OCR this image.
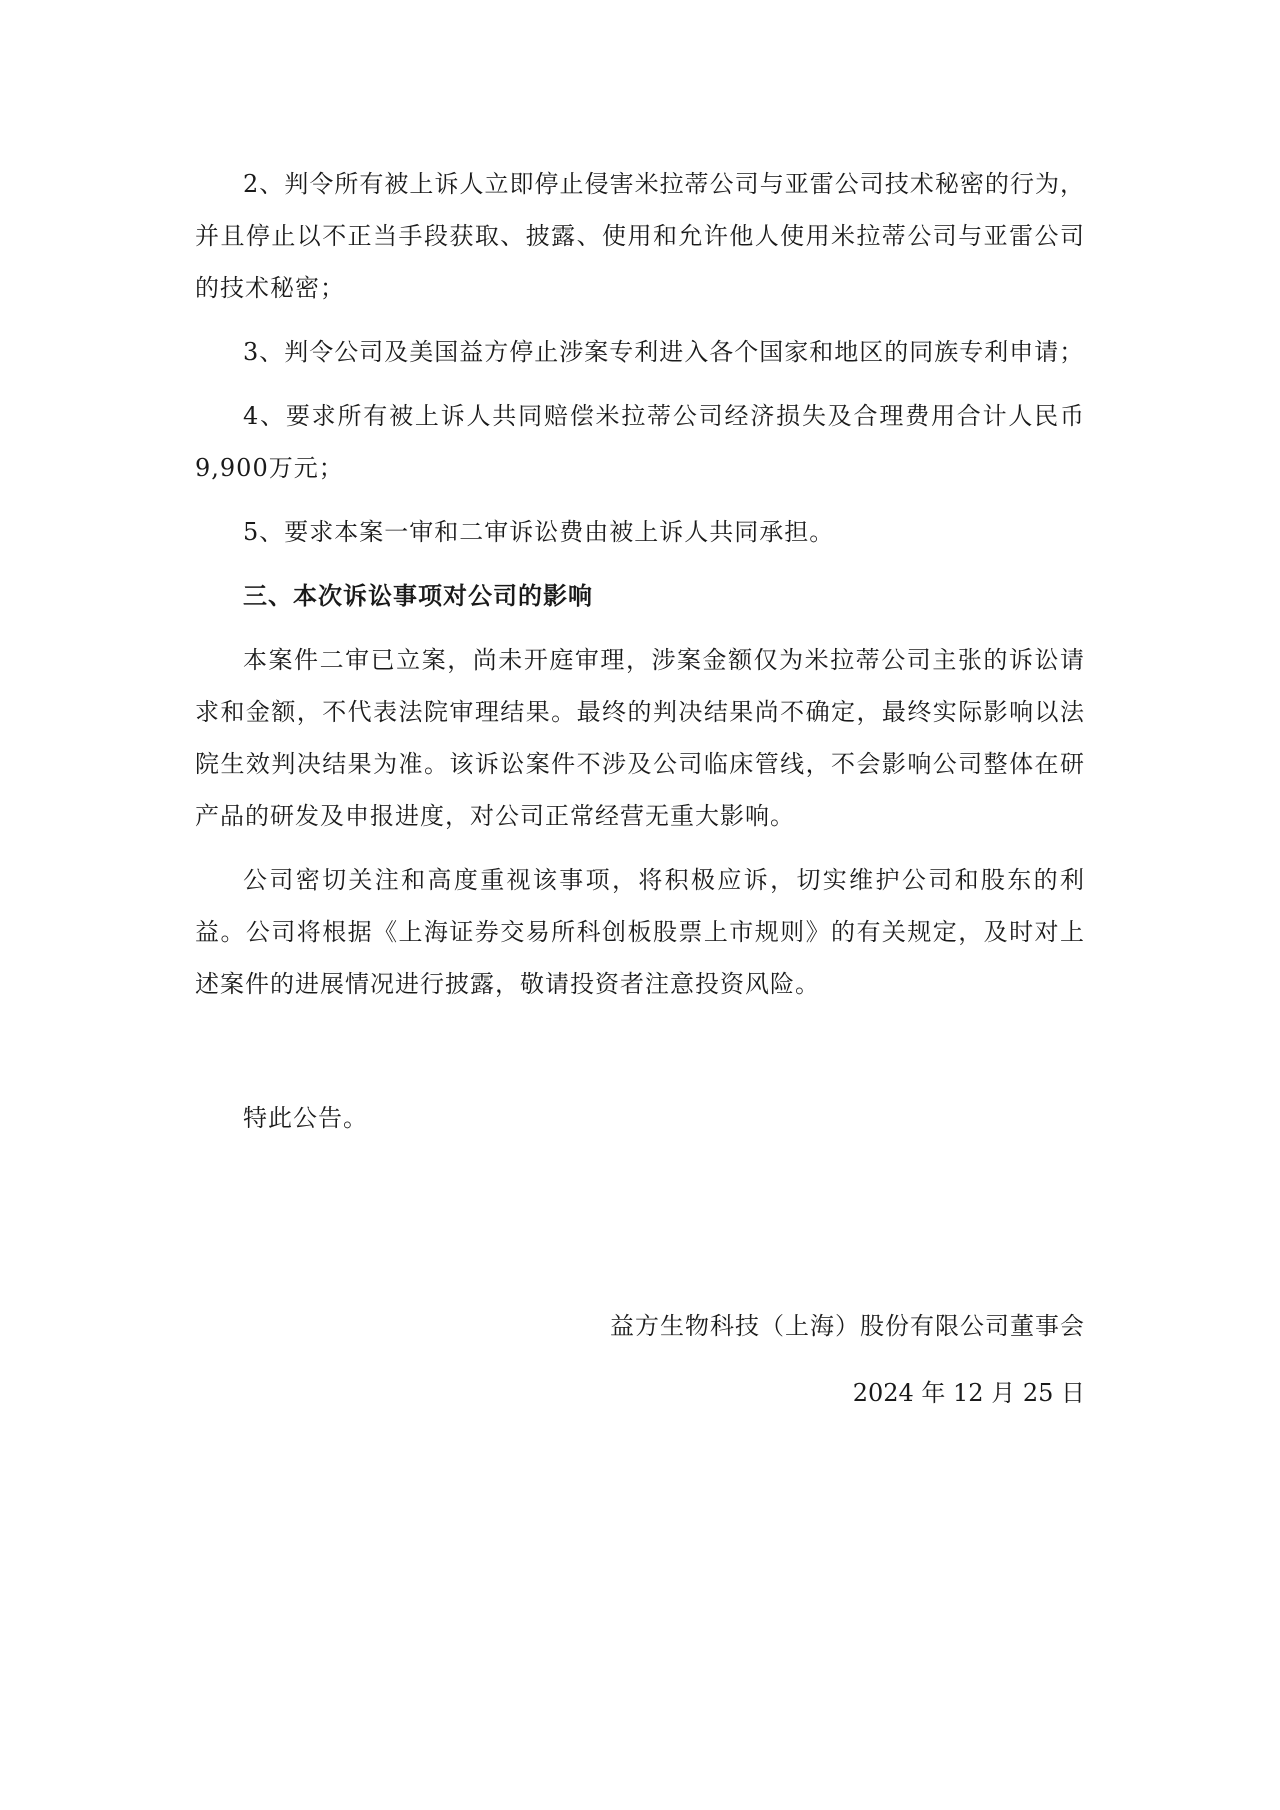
2、判令所有被上诉人立即停止侵害米拉蒂公司与亚雷公司技术秘密的行为，并且停止以不正当手段获取、披露、使用和允许他人使用米拉蒂公司与亚雷公司的技术秘密；

3、判令公司及美国益方停止涉案专利进入各个国家和地区的同族专利申请；

4、要求所有被上诉人共同赔偿米拉蒂公司经济损失及合理费用合计人民币9,900万元；

5、要求本案一审和二审诉讼费由被上诉人共同承担。

三、本次诉讼事项对公司的影响

本案件二审已立案，尚未开庭审理，涉案金额仅为米拉蒂公司主张的诉讼请求和金额，不代表法院审理结果。最终的判决结果尚不确定，最终实际影响以法院生效判决结果为准。该诉讼案件不涉及公司临床管线，不会影响公司整体在研产品的研发及申报进度，对公司正常经营无重大影响。

公司密切关注和高度重视该事项，将积极应诉，切实维护公司和股东的利益。公司将根据《上海证券交易所科创板股票上市规则》的有关规定，及时对上述案件的进展情况进行披露，敬请投资者注意投资风险。

特此公告。

益方生物科技（上海）股份有限公司董事会

2024 年 12 月 25 日
